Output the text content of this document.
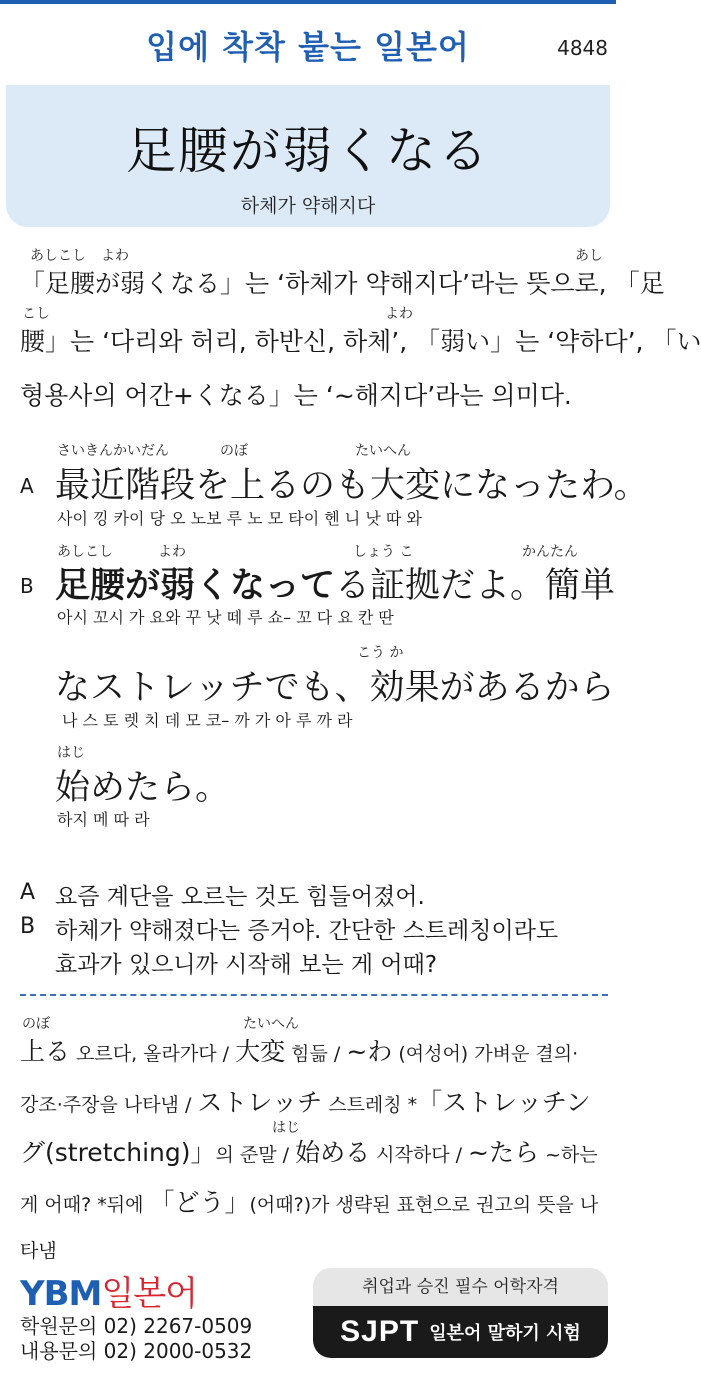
입에 착착 붙는 일본어	4848
足腰が弱くなる
하체가 약해지다
あしこし よわ	あし
「足腰が弱くなる」는 ‘하체가 약해지다’라는 뜻으로, 「足
こし	よわ
腰」는 ‘다리와 허리, 하반신, 하체’, 「弱い」는 ‘약하다’, 「い
형용사의 어간+くなる」는 ‘~해지다’라는 의미다.
さいきんかいだん	のぼ	たいへん
A 最近階段を上るのも大変になったわ。
사이 낑 카이 당 오 노보 루 노 모 타이 헨 니 낫 따 와
あしこし	よわ	しょう こ	かんたん
B 足腰が弱くなってる証拠だよ。簡単
아시 꼬시 가 요와 꾸 낫 떼 루 쇼– 꼬 다 요 칸 딴
こう か
なストレッチでも、効果があるから
나 스 토 렛 치 데 모 코– 까 가 아 루 까 라
はじ
始めたら。
하지 메 따 라
A 요즘 계단을 오르는 것도 힘들어졌어.
B 하체가 약해졌다는 증거야. 간단한 스트레칭이라도
효과가 있으니까 시작해 보는 게 어때?
のぼ	たいへん
上る 오르다, 올라가다 / 大変 힘듦 / ~わ (여성어) 가벼운 결의·
강조·주장을 나타냄 / ストレッチ 스트레칭 *「ストレッチン
はじ
グ(stretching)」의 준말 / 始める 시작하다 / ~たら ~하는
게 어때? *뒤에 「どう」(어때?)가 생략된 표현으로 권고의 뜻을 나
타냄
YBM일본어
학원문의 02) 2267-0509
내용문의 02) 2000-0532
취업과 승진 필수 어학자격
SJPT 일본어 말하기 시험
